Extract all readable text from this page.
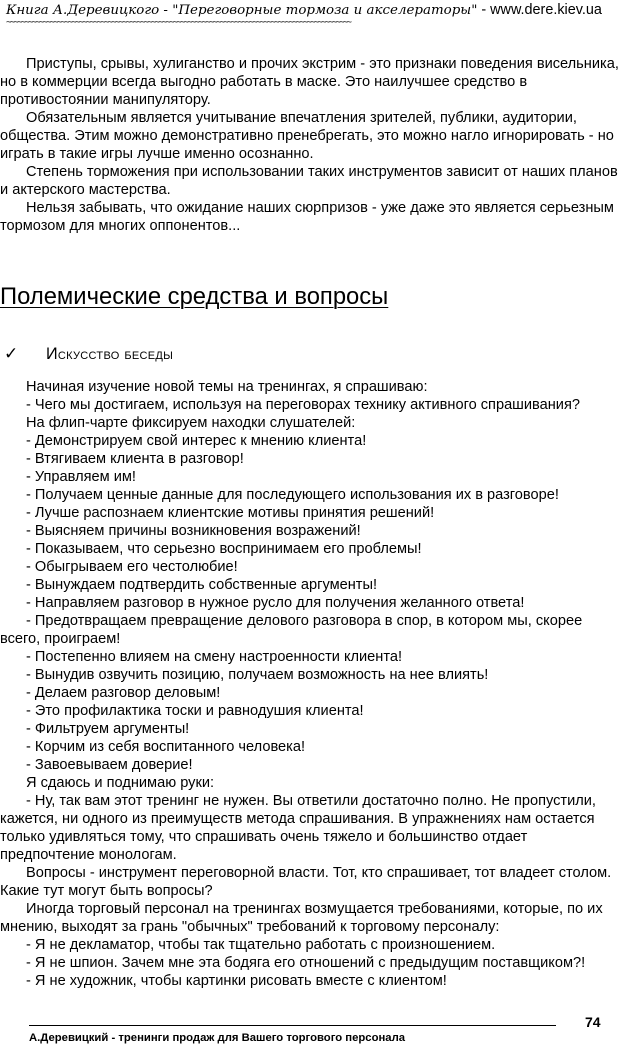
Книга А.Деревицкого - "Переговорные тормоза и акселераторы" - www.dere.kiev.ua
~~~~~~~~~~~~~~~~~~~~~~~~~~~~~~~~~~~~~~~~~~~~~~~~~~~~~~~~~~~~~~~~~~~~~~~~~~~~~~~~~~~~~~~~~~~~~~~

Приступы, срывы, хулиганство и прочих экстрим - это признаки поведения висельника, но в коммерции всегда выгодно работать в маске. Это наилучшее средство в противостоянии манипулятору.

Обязательным является учитывание впечатления зрителей, публики, аудитории, общества. Этим можно демонстративно пренебрегать, это можно нагло игнорировать - но играть в такие игры лучше именно осознанно.

Степень торможения при использовании таких инструментов зависит от наших планов и актерского мастерства.

Нельзя забывать, что ожидание наших сюрпризов - уже даже это является серьезным тормозом для многих оппонентов...

Полемические средства и вопросы
✓ Искусство беседы

Начиная изучение новой темы на тренингах, я спрашиваю:

- Чего мы достигаем, используя на переговорах технику активного спрашивания?

На флип-чарте фиксируем находки слушателей:

- Демонстрируем свой интерес к мнению клиента!

- Втягиваем клиента в разговор!

- Управляем им!

- Получаем ценные данные для последующего использования их в разговоре!

- Лучше распознаем клиентские мотивы принятия решений!

- Выясняем причины возникновения возражений!

- Показываем, что серьезно воспринимаем его проблемы!

- Обыгрываем его честолюбие!

- Вынуждаем подтвердить собственные аргументы!

- Направляем разговор в нужное русло для получения желанного ответа!

- Предотвращаем превращение делового разговора в спор, в котором мы, скорее всего, проиграем!

- Постепенно влияем на смену настроенности клиента!

- Вынудив озвучить позицию, получаем возможность на нее влиять!

- Делаем разговор деловым!

- Это профилактика тоски и равнодушия клиента!

- Фильтруем аргументы!

- Корчим из себя воспитанного человека!

- Завоевываем доверие!

Я сдаюсь и поднимаю руки:

- Ну, так вам этот тренинг не нужен. Вы ответили достаточно полно. Не пропустили, кажется, ни одного из преимуществ метода спрашивания. В упражнениях нам остается только удивляться тому, что спрашивать очень тяжело и большинство отдает предпочтение монологам.

Вопросы - инструмент переговорной власти. Тот, кто спрашивает, тот владеет столом. Какие тут могут быть вопросы?

Иногда торговый персонал на тренингах возмущается требованиями, которые, по их мнению, выходят за грань "обычных" требований к торговому персоналу:

- Я не декламатор, чтобы так тщательно работать с произношением.

- Я не шпион. Зачем мне эта бодяга его отношений с предыдущим поставщиком?!

- Я не художник, чтобы картинки рисовать вместе с клиентом!

74
А.Деревицкий - тренинги продаж для Вашего торгового персонала
